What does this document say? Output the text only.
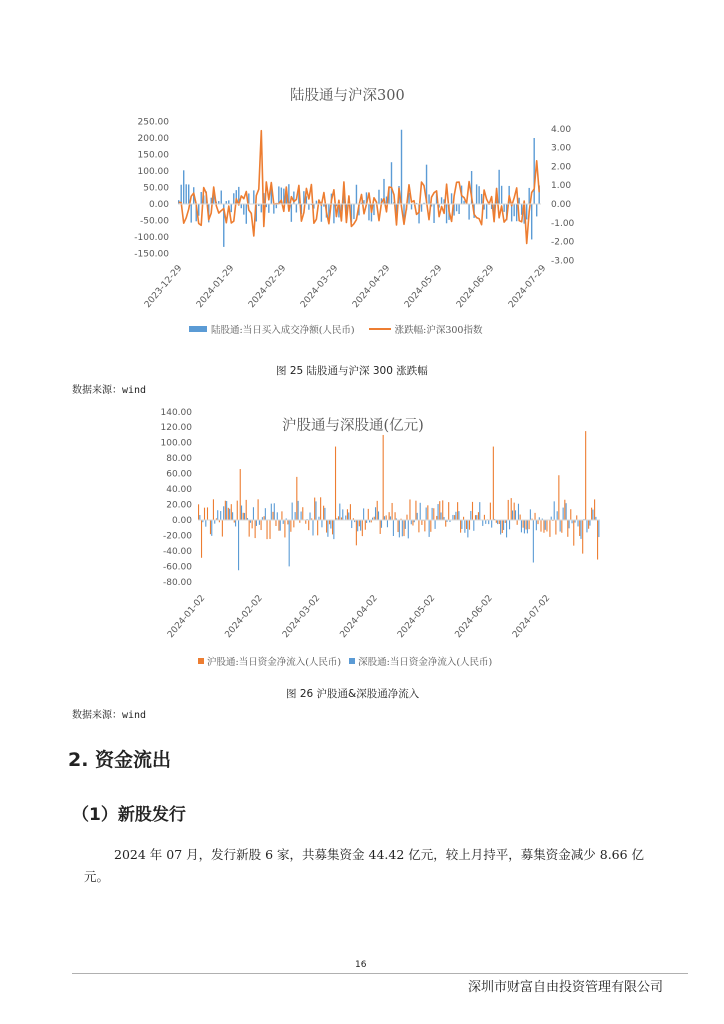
陆股通与沪深300
250.00
200.00
150.00
100.00
50.00
0.00
-50.00
-100.00
-150.00
4.00
3.00
2.00
1.00
0.00
-1.00
-2.00
-3.00
2023-12-29 2024-01-29 2024-02-29 2024-03-29 2024-04-29 2024-05-29 2024-06-29 2024-07-29
陆股通:当日买入成交净额(人民币)	涨跌幅:沪深300指数
图 25 陆股通与沪深 300 涨跌幅
数据来源：wind
沪股通与深股通(亿元)
140.00
120.00
100.00
80.00
60.00
40.00
20.00
0.00
-20.00
-40.00
-60.00
-80.00
2024-01-02 2024-02-02 2024-03-02 2024-04-02 2024-05-02 2024-06-02 2024-07-02
沪股通:当日资金净流入(人民币) 深股通:当日资金净流入(人民币)
图 26 沪股通&深股通净流入
数据来源：wind
2. 资金流出
（1）新股发行
2024 年 07 月，发行新股 6 家，共募集资金 44.42 亿元，较上月持平，募集资金减少 8.66 亿元。
16
深圳市财富自由投资管理有限公司
